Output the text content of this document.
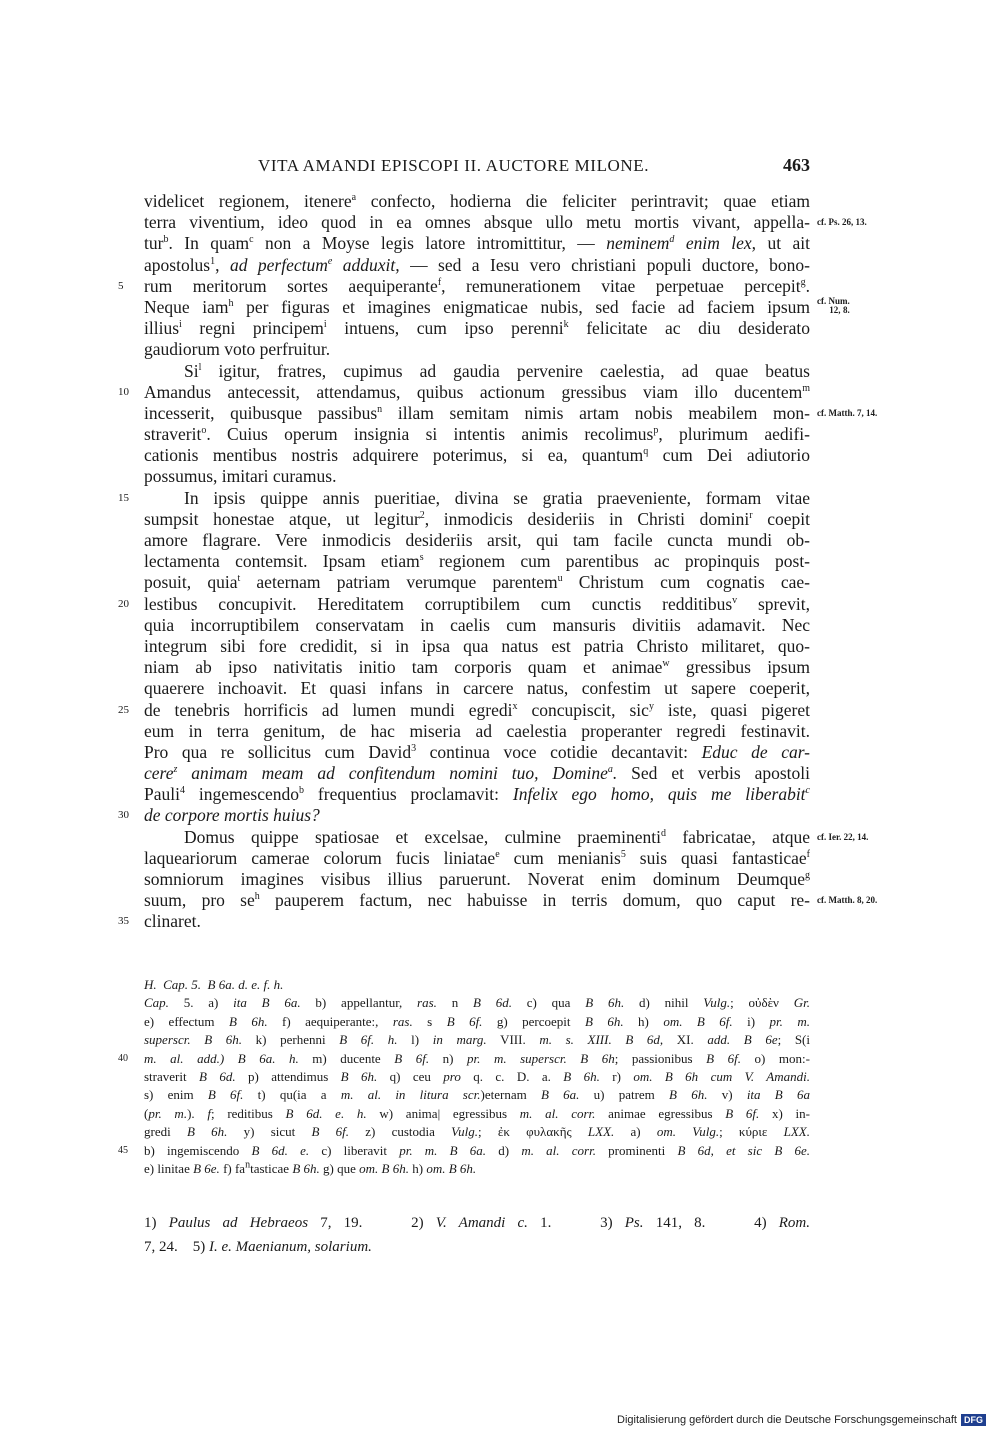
VITA AMANDI EPISCOPI II. AUCTORE MILONE.	463
videlicet regionem, itenere$^a$ confecto, hodierna die feliciter perintravit; quae etiam
terra viventium, ideo quod in ea omnes absque ullo metu mortis vivant, appella- cf. Ps. 26, 13.
tur$^b$. In quam$^c$ non a Moyse legis latore intromittitur, — neminem$^d$ enim lex, ut ait
apostolus$^1$, ad perfectum$^e$ adduxit, — sed a Iesu vero christiani populi ductore, bono-
5	rum meritorum sortes aequiperante$^f$, remunerationem vitae perpetuae percepit$^g$.
Neque iam$^h$ per figuras et imagines enigmaticae nubis, sed facie ad faciem ipsum cf. Num.
12, 8.
illius$^i$ regni principem$^i$ intuens, cum ipso perenni$^k$ felicitate ac diu desiderato
gaudiorum voto perfruitur.
Si$^l$ igitur, fratres, cupimus ad gaudia pervenire caelestia, ad quae beatus
10 Amandus antecessit, attendamus, quibus actionum gressibus viam illo ducentem$^m$
incesserit, quibusque passibus$^n$ illam semitam nimis artam nobis meabilem mon- cf. Matth. 7, 14.
straverit$^o$. Cuius operum insignia si intentis animis recolimus$^p$, plurimum aedifi-
cationis mentibus nostris adquirere poterimus, si ea, quantum$^q$ cum Dei adiutorio
possumus, imitari curamus.
15	In ipsis quippe annis pueritiae, divina se gratia praeveniente, formam vitae
sumpsit honestae atque, ut legitur$^2$, inmodicis desideriis in Christi domini$^r$ coepit
amore flagrare. Vere inmodicis desideriis arsit, qui tam facile cuncta mundi ob-
lectamenta contemsit. Ipsam etiam$^s$ regionem cum parentibus ac propinquis post-
posuit, quia$^t$ aeternam patriam verumque parentem$^u$ Christum cum cognatis cae-
20 lestibus concupivit. Hereditatem corruptibilem cum cunctis redditibus$^v$ sprevit,
quia incorruptibilem conservatam in caelis cum mansuris divitiis adamavit. Nec
integrum sibi fore credidit, si in ipsa qua natus est patria Christo militaret, quo-
niam ab ipso nativitatis initio tam corporis quam et animae$^w$ gressibus ipsum
quaerere inchoavit. Et quasi infans in carcere natus, confestim ut sapere coeperit,
25 de tenebris horrificis ad lumen mundi egredi$^x$ concupiscit, sic$^y$ iste, quasi pigeret
eum in terra genitum, de hac miseria ad caelestia properanter regredi festinavit.
Pro qua re sollicitus cum David$^3$ continua voce cotidie decantavit: Educ de car-
cere$^z$ animam meam ad confitendum nomini tuo, Domine$^a$. Sed et verbis apostoli
Pauli$^4$ ingemescendo$^b$ frequentius proclamavit: Infelix ego homo, quis me liberabit$^c$
30 de corpore mortis huius?
Domus quippe spatiosae et excelsae, culmine praeminenti$^d$ fabricatae, atque cf. Ier. 22, 14.
laqueariorum camerae colorum fucis liniatae$^e$ cum menianis$^5$ suis quasi fantasticae$^f$
somniorum imagines visibus illius paruerunt. Noverat enim dominum Deumque$^g$
suum, pro $se^h$ pauperem factum, nec habuisse in terris domum, quo caput re- cf. Matth. 8, 20.
35 clinaret.
H.  Cap. 5.  B 6a. d. e. f. h.
Cap. 5. a) ita B 6a. b) appellantur, ras. n B 6d. c) qua B 6h. d) nihil Vulg.; οὐδὲν Gr.
e) effectum B 6h. f) aequiperante:, ras. s B 6f. g) percoepit B 6h. h) om. B 6f. i) pr. m.
superscr. B 6h. k) perhenni B 6f. h. l) in marg. VIII. m. s. XIII. B 6d, XI. add. B 6e; S(i
40	m. al. add.) B 6a. h. m) ducente B 6f. n) pr. m. superscr. B 6h; passionibus B 6f. o) mon:-
straverit B 6d. p) attendimus B 6h. q) ceu pro q. c. D. a. B 6h. r) om. B 6h cum V. Amandi.
s) enim B 6f. t) qu(ia a m. al. in litura scr.)eternam B 6a. u) patrem B 6h. v) ita B 6a
(pr. m.). f; reditibus B 6d. e. h. w) anima| egressibus m. al. corr. animae egressibus B 6f. x) in-
gredi B 6h. y) sicut B 6f. z) custodia Vulg.; ἐκ φυλακῆς LXX. a) om. Vulg.; κύριε LXX.
45	b) ingemiscendo B 6d. e. c) liberavit pr. m. B 6a. d) m. al. corr. prominenti B 6d, et sic B 6e.
e) linitae B 6e. f) $fa^ntasticae$ B 6h. g) que om. B 6h. h) om. B 6h.
1) Paulus ad Hebraeos 7, 19.    2) V. Amandi c. 1.    3) Ps. 141, 8.    4) Rom.
7, 24.    5) I. e. Maenianum, solarium.
Digitalisierung gefördert durch die Deutsche Forschungsgemeinschaft DFG
